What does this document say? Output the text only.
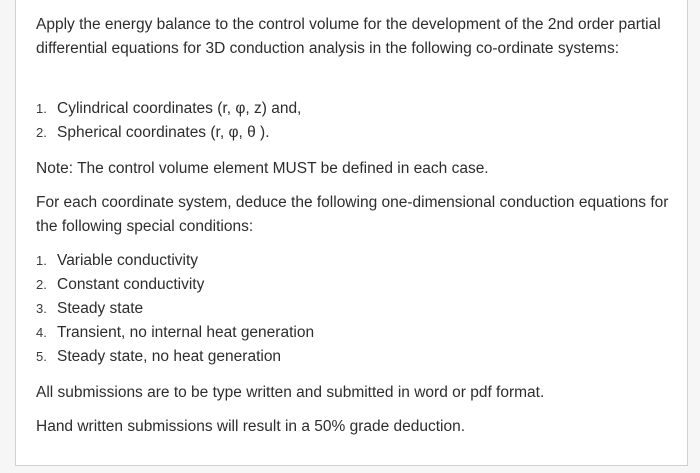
Apply the energy balance to the control volume for the development of the 2nd order partial differential equations for 3D conduction analysis in the following co-ordinate systems:

1. Cylindrical coordinates (r, φ, z) and,
2. Spherical coordinates (r, φ, θ ).

Note: The control volume element MUST be defined in each case.

For each coordinate system, deduce the following one-dimensional conduction equations for the following special conditions:

1. Variable conductivity
2. Constant conductivity
3. Steady state
4. Transient, no internal heat generation
5. Steady state, no heat generation

All submissions are to be type written and submitted in word or pdf format.

Hand written submissions will result in a 50% grade deduction.
